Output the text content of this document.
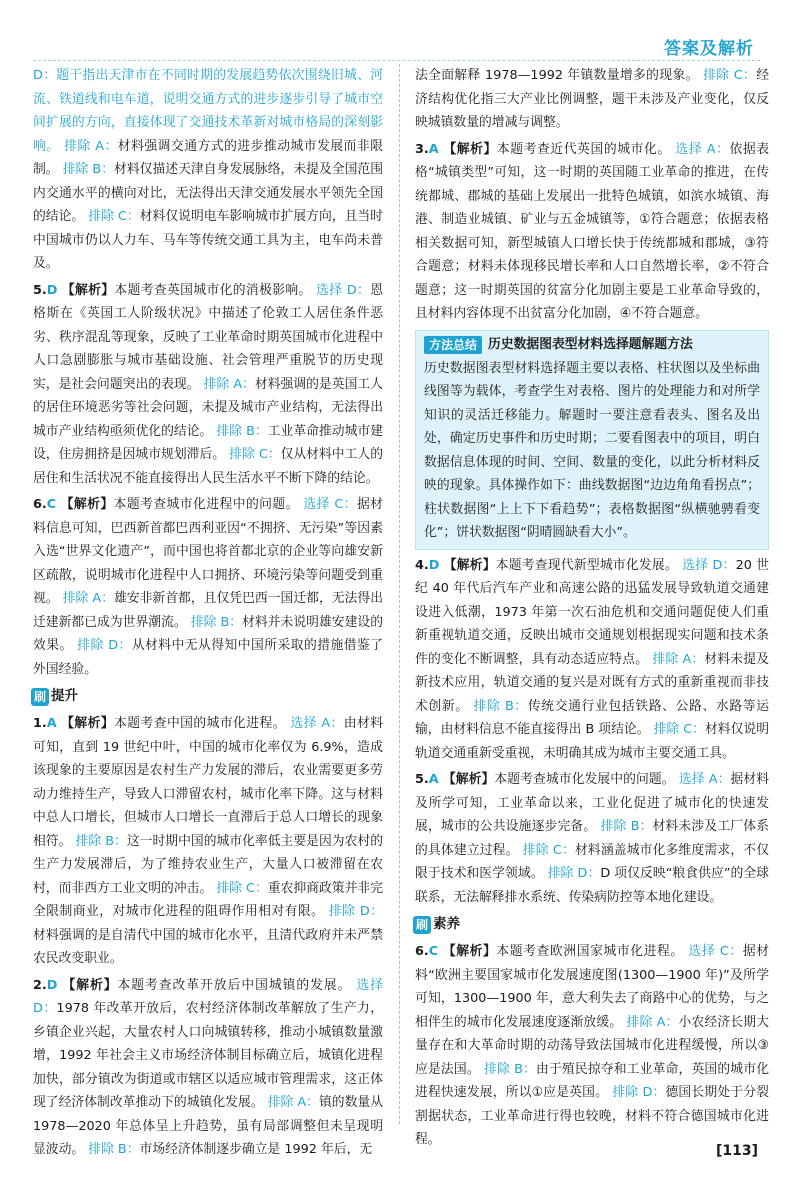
答案及解析

D：题干指出天津市在不同时期的发展趋势依次围绕旧城、河流、铁道线和电车道，说明交通方式的进步逐步引导了城市空间扩展的方向，直接体现了交通技术革新对城市格局的深刻影响。 排除 A：材料强调交通方式的进步推动城市发展而非限制。 排除 B：材料仅描述天津自身发展脉络，未提及全国范围内交通水平的横向对比，无法得出天津交通发展水平领先全国的结论。 排除 C：材料仅说明电车影响城市扩展方向，且当时中国城市仍以人力车、马车等传统交通工具为主，电车尚未普及。

5.D 【解析】本题考查英国城市化的消极影响。 选择 D：恩格斯在《英国工人阶级状况》中描述了伦敦工人居住条件恶劣、秩序混乱等现象，反映了工业革命时期英国城市化进程中人口急剧膨胀与城市基础设施、社会管理严重脱节的历史现实，是社会问题突出的表现。 排除 A：材料强调的是英国工人的居住环境恶劣等社会问题，未提及城市产业结构，无法得出城市产业结构亟须优化的结论。 排除 B：工业革命推动城市建设，住房拥挤是因城市规划滞后。 排除 C：仅从材料中工人的居住和生活状况不能直接得出人民生活水平不断下降的结论。

6.C 【解析】本题考查城市化进程中的问题。 选择 C：据材料信息可知，巴西新首都巴西利亚因“不拥挤、无污染”等因素入选“世界文化遗产”，而中国也将首都北京的企业等向雄安新区疏散，说明城市化进程中人口拥挤、环境污染等问题受到重视。 排除 A：雄安非新首都，且仅凭巴西一国迁都，无法得出迁建新都已成为世界潮流。 排除 B：材料并未说明雄安建设的效果。 排除 D：从材料中无从得知中国所采取的措施借鉴了外国经验。

刷 提升

1.A 【解析】本题考查中国的城市化进程。 选择 A：由材料可知，直到 19 世纪中叶，中国的城市化率仅为 6.9%，造成该现象的主要原因是农村生产力发展的滞后，农业需要更多劳动力维持生产，导致人口滞留农村，城市化率下降。这与材料中总人口增长，但城市人口增长一直滞后于总人口增长的现象相符。 排除 B：这一时期中国的城市化率低主要是因为农村的生产力发展滞后，为了维持农业生产，大量人口被滞留在农村，而非西方工业文明的冲击。 排除 C：重农抑商政策并非完全限制商业，对城市化进程的阻碍作用相对有限。 排除 D：材料强调的是自清代中国的城市化水平，且清代政府并未严禁农民改变职业。

2.D 【解析】本题考查改革开放后中国城镇的发展。 选择 D：1978 年改革开放后，农村经济体制改革解放了生产力，乡镇企业兴起，大量农村人口向城镇转移，推动小城镇数量激增，1992 年社会主义市场经济体制目标确立后，城镇化进程加快，部分镇改为街道或市辖区以适应城市管理需求，这正体现了经济体制改革推动下的城镇化发展。 排除 A：镇的数量从 1978—2020 年总体呈上升趋势，虽有局部调整但未呈现明显波动。 排除 B：市场经济体制逐步确立是 1992 年后，无

法全面解释 1978—1992 年镇数量增多的现象。 排除 C：经济结构优化指三大产业比例调整，题干未涉及产业变化，仅反映城镇数量的增减与调整。

3.A 【解析】本题考查近代英国的城市化。 选择 A：依据表格“城镇类型”可知，这一时期的英国随工业革命的推进，在传统都城、郡城的基础上发展出一批特色城镇，如滨水城镇、海港、制造业城镇、矿业与五金城镇等，①符合题意；依据表格相关数据可知，新型城镇人口增长快于传统都城和郡城，③符合题意；材料未体现移民增长率和人口自然增长率，②不符合题意；这一时期英国的贫富分化加剧主要是工业革命导致的，且材料内容体现不出贫富分化加剧，④不符合题意。

方法总结 历史数据图表型材料选择题解题方法

历史数据图表型材料选择题主要以表格、柱状图以及坐标曲线图等为载体，考查学生对表格、图片的处理能力和对所学知识的灵活迁移能力。解题时一要注意看表头、图名及出处，确定历史事件和历史时期；二要看图表中的项目，明白数据信息体现的时间、空间、数量的变化，以此分析材料反映的现象。具体操作如下：曲线数据图“边边角角看拐点”；柱状数据图“上上下下看趋势”；表格数据图“纵横驰骋看变化”；饼状数据图“阴晴圆缺看大小”。

4.D 【解析】本题考查现代新型城市化发展。 选择 D：20 世纪 40 年代后汽车产业和高速公路的迅猛发展导致轨道交通建设进入低潮，1973 年第一次石油危机和交通问题促使人们重新重视轨道交通，反映出城市交通规划根据现实问题和技术条件的变化不断调整，具有动态适应特点。 排除 A：材料未提及新技术应用，轨道交通的复兴是对既有方式的重新重视而非技术创新。 排除 B：传统交通行业包括铁路、公路、水路等运输，由材料信息不能直接得出 B 项结论。 排除 C：材料仅说明轨道交通重新受重视，未明确其成为城市主要交通工具。

5.A 【解析】本题考查城市化发展中的问题。 选择 A：据材料及所学可知，工业革命以来，工业化促进了城市化的快速发展，城市的公共设施逐步完备。 排除 B：材料未涉及工厂体系的具体建立过程。 排除 C：材料涵盖城市化多维度需求，不仅限于技术和医学领域。 排除 D：D 项仅反映“粮食供应”的全球联系，无法解释排水系统、传染病防控等本地化建设。

刷 素养

6.C 【解析】本题考查欧洲国家城市化进程。 选择 C：据材料“欧洲主要国家城市化发展速度图(1300—1900 年)”及所学可知，1300—1900 年，意大利失去了商路中心的优势，与之相伴生的城市化发展速度逐渐放缓。 排除 A：小农经济长期大量存在和大革命时期的动荡导致法国城市化进程缓慢，所以③应是法国。 排除 B：由于殖民掠夺和工业革命，英国的城市化进程快速发展，所以①应是英国。 排除 D：德国长期处于分裂割据状态，工业革命进行得也较晚，材料不符合德国城市化进程。

[113]
